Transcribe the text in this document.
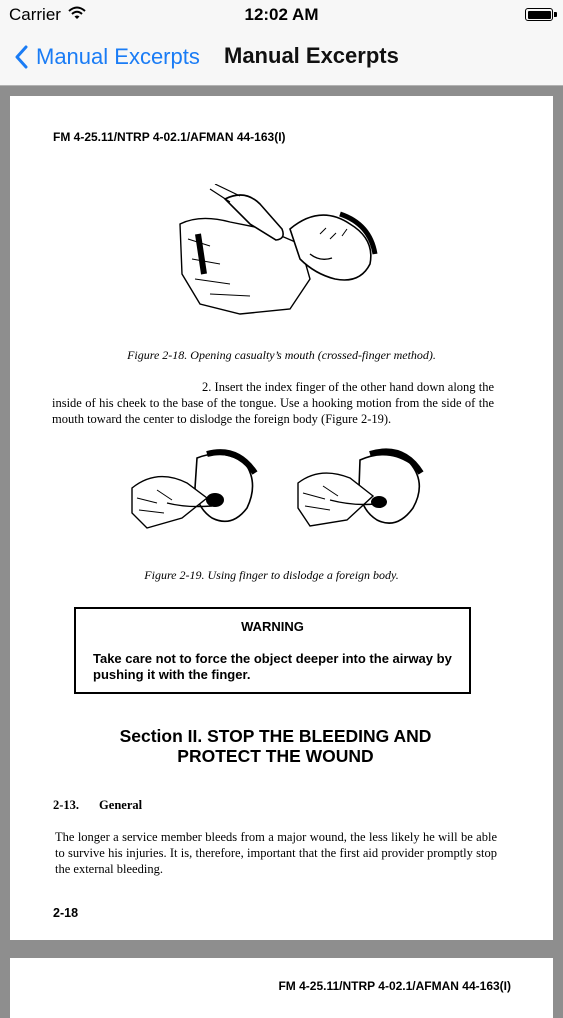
Carrier	12:02 AM
Manual Excerpts Manual Excerpts
FM 4-25.11/NTRP 4-02.1/AFMAN 44-163(I)
Figure 2-18. Opening casualty’s mouth (crossed-finger method).
2. Insert the index finger of the other hand down along the inside of his cheek to the base of the tongue. Use a hooking motion from the side of the mouth toward the center to dislodge the foreign body (Figure 2-19).
Figure 2-19. Using finger to dislodge a foreign body.
WARNING
Take care not to force the object deeper into the airway by pushing it with the finger.
Section II. STOP THE BLEEDING AND
PROTECT THE WOUND
2-13. General
The longer a service member bleeds from a major wound, the less likely he will be able to survive his injuries. It is, therefore, important that the first aid provider promptly stop the external bleeding.
2-18
FM 4-25.11/NTRP 4-02.1/AFMAN 44-163(I)
